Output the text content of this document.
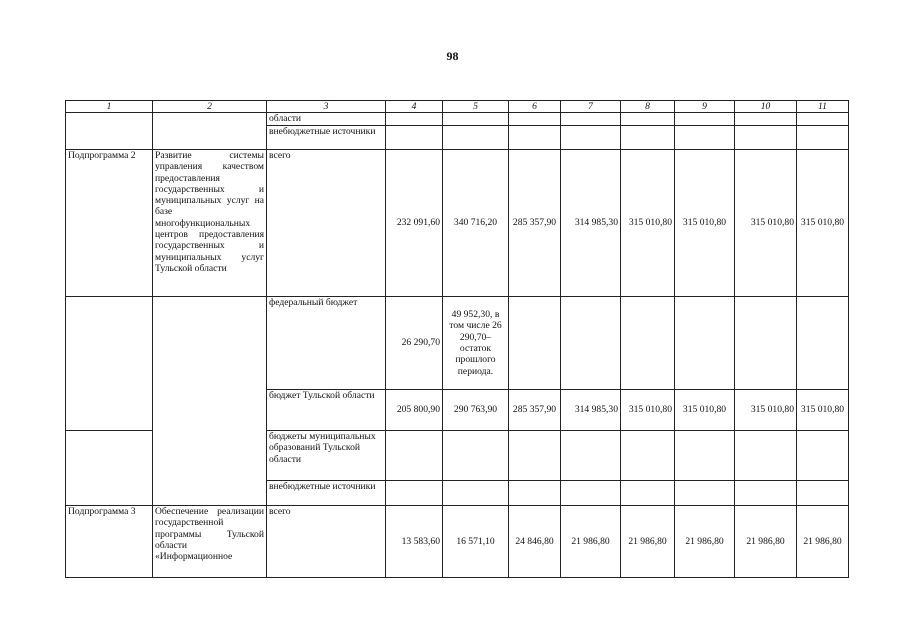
98
1	2	3	4	5	6	7	8	9	10	11
		области								
		внебюджетные источники								
Подпрограмма 2	Развитие системы управления качеством предоставления государственных и муниципальных услуг на базе многофункциональных центров предоставления государственных и муниципальных услуг Тульской области	всего	232 091,60	340 716,20	285 357,90	314 985,30	315 010,80	315 010,80	315 010,80	315 010,80
		федеральный бюджет	26 290,70	49 952,30, в том числе 26 290,70– остаток прошлого периода.						
		бюджет Тульской области	205 800,90	290 763,90	285 357,90	314 985,30	315 010,80	315 010,80	315 010,80	315 010,80
		бюджеты муниципальных образований Тульской области								
		внебюджетные источники								
Подпрограмма 3	Обеспечение реализации государственной программы Тульской области «Информационное	всего	13 583,60	16 571,10	24 846,80	21 986,80	21 986,80	21 986,80	21 986,80	21 986,80
